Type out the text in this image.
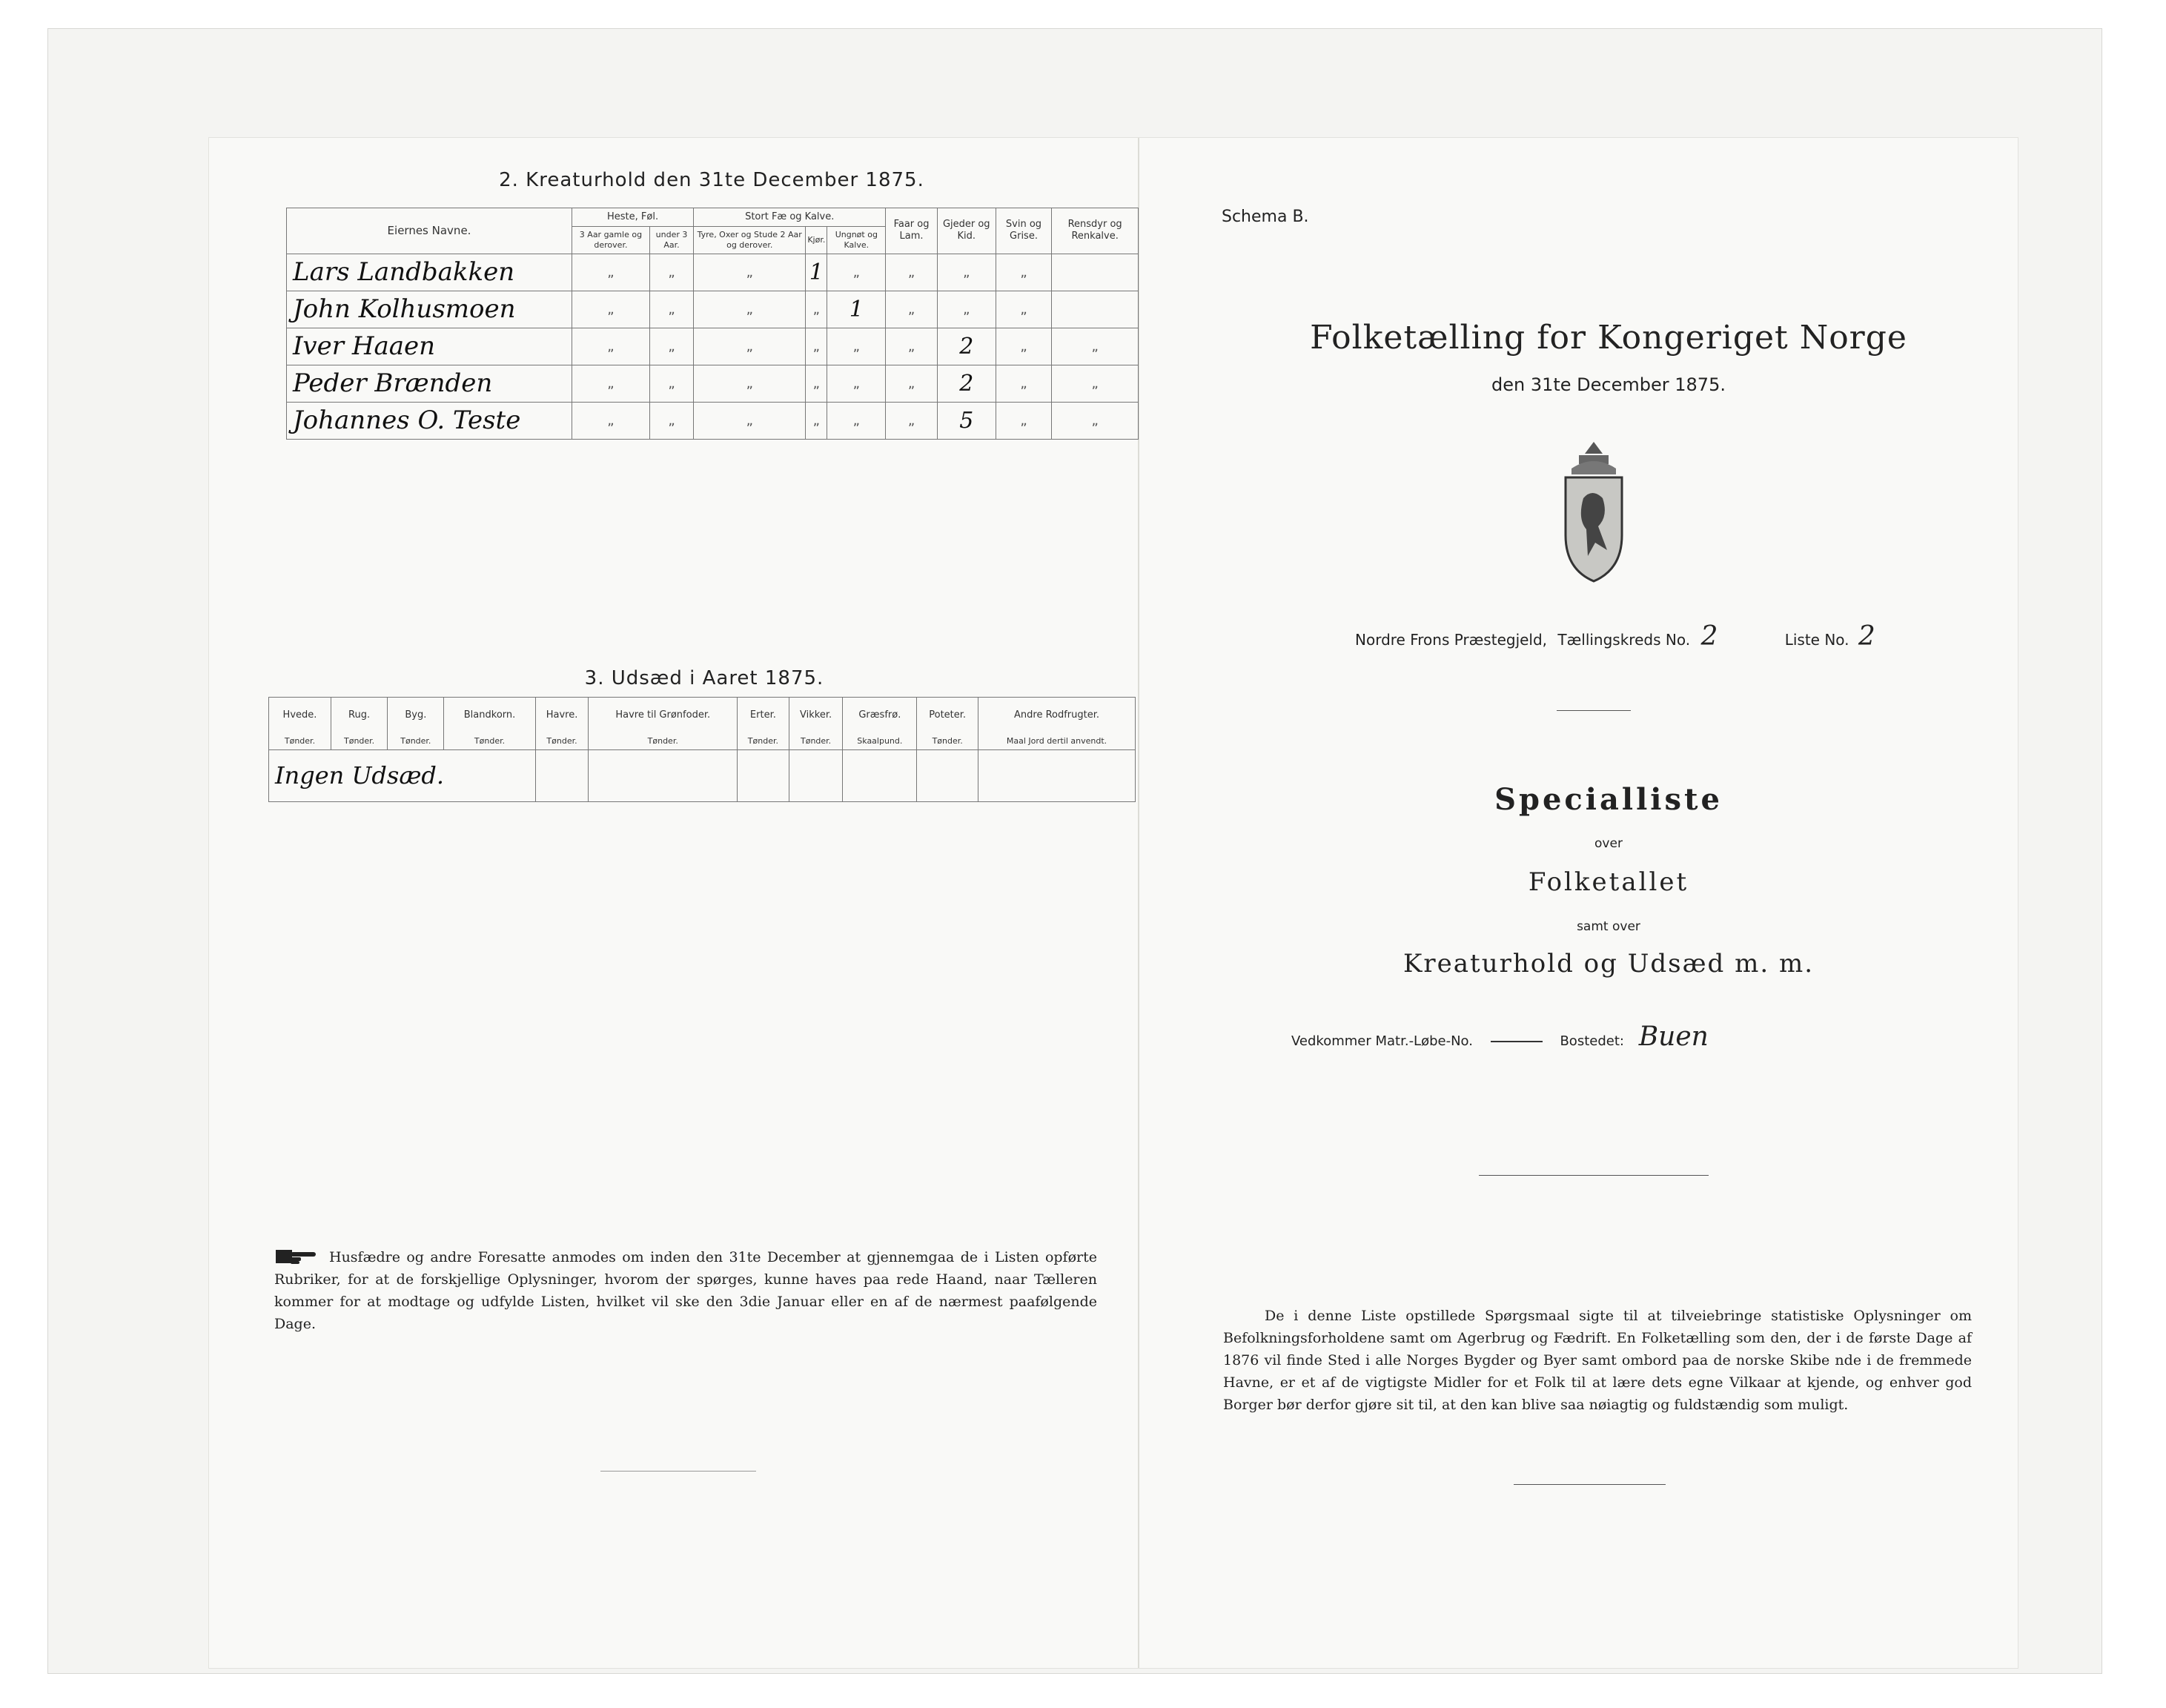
2. Kreaturhold den 31te December 1875.
Eiernes Navne.	Heste, Føl.		Stort Fæ og Kalve.			Faar og Lam.	Gjeder og Kid.	Svin og Grise.	Rensdyr og Renkalve.
	3 Aar gamle og derover.	under 3 Aar.	Tyre, Oxer og Stude 2 Aar og derover.	Kjør.	Ungnøt og Kalve.				
Lars Landbakken	„	„	„	1	„	„	„	„	
John Kolhusmoen	„	„	„	„	1	„	„	„	
Iver Haaen	„	„	„	„	„	„	2	„	„
Peder Brænden	„	„	„	„	„	„	2	„	„
Johannes O. Teste	„	„	„	„	„	„	5	„	„
3. Udsæd i Aaret 1875.
Hvede.	Rug.	Byg.	Blandkorn.	Havre.	Havre til Grønfoder.	Erter.	Vikker.	Græsfrø.	Poteter.	Andre Rodfrugter.
Tønder.	Tønder.	Tønder.	Tønder.	Tønder.	Tønder.	Tønder.	Tønder.	Skaalpund.	Tønder.	Maal Jord dertil anvendt.
Ingen Udsæd.										
Husfædre og andre Foresatte anmodes om inden den 31te December at gjennemgaa de i Listen opførte Rubriker, for at de forskjellige Oplysninger, hvorom der spørges, kunne haves paa rede Haand, naar Tælleren kommer for at modtage og udfylde Listen, hvilket vil ske den 3die Januar eller en af de nærmest paafølgende Dage.
Schema B.
Folketælling for Kongeriget Norge
den 31te December 1875.
Nordre Frons Præstegjeld, Tællingskreds No. 2	Liste No. 2
Specialliste
over
Folketallet
samt over
Kreaturhold og Udsæd m. m.
Vedkommer Matr.-Løbe-No.	Bostedet: Buen
De i denne Liste opstillede Spørgsmaal sigte til at tilveiebringe statistiske Oplysninger om Befolkningsforholdene samt om Agerbrug og Fædrift. En Folketælling som den, der i de første Dage af 1876 vil finde Sted i alle Norges Bygder og Byer samt ombord paa de norske Skibe nde i de fremmede Havne, er et af de vigtigste Midler for et Folk til at lære dets egne Vilkaar at kjende, og enhver god Borger bør derfor gjøre sit til, at den kan blive saa nøiagtig og fuldstændig som muligt.
